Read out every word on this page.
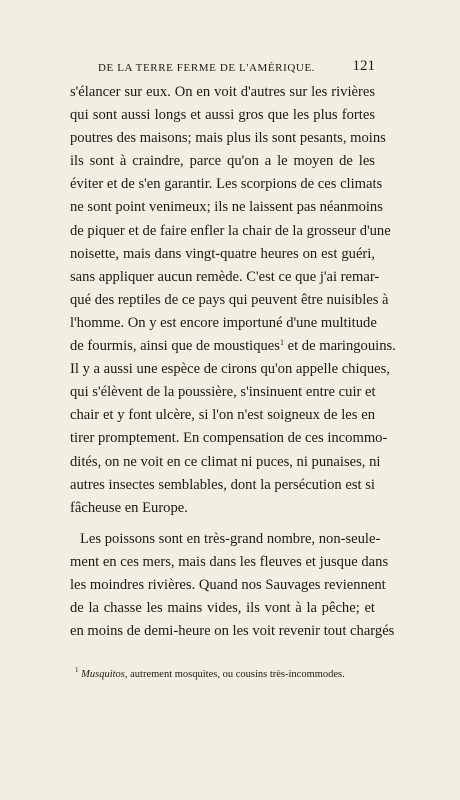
DE LA TERRE FERME DE L'AMÉRIQUE. 121
s'élancer sur eux. On en voit d'autres sur les rivières
qui sont aussi longs et aussi gros que les plus fortes
poutres des maisons; mais plus ils sont pesants, moins
ils sont à craindre, parce qu'on a le moyen de les
éviter et de s'en garantir. Les scorpions de ces climats
ne sont point venimeux; ils ne laissent pas néanmoins
de piquer et de faire enfler la chair de la grosseur d'une
noisette, mais dans vingt-quatre heures on est guéri,
sans appliquer aucun remède. C'est ce que j'ai remar-
qué des reptiles de ce pays qui peuvent être nuisibles à
l'homme. On y est encore importuné d'une multitude
de fourmis, ainsi que de moustiques$^1$ et de maringouins.
Il y a aussi une espèce de cirons qu'on appelle chiques,
qui s'élèvent de la poussière, s'insinuent entre cuir et
chair et y font ulcère, si l'on n'est soigneux de les en
tirer promptement. En compensation de ces incommo-
dités, on ne voit en ce climat ni puces, ni punaises, ni
autres insectes semblables, dont la persécution est si
fâcheuse en Europe.
Les poissons sont en très-grand nombre, non-seule-
ment en ces mers, mais dans les fleuves et jusque dans
les moindres rivières. Quand nos Sauvages reviennent
de la chasse les mains vides, ils vont à la pêche; et
en moins de demi-heure on les voit revenir tout chargés
$^1$ Musquitos, autrement mosquites, ou cousins très-incommodes.
